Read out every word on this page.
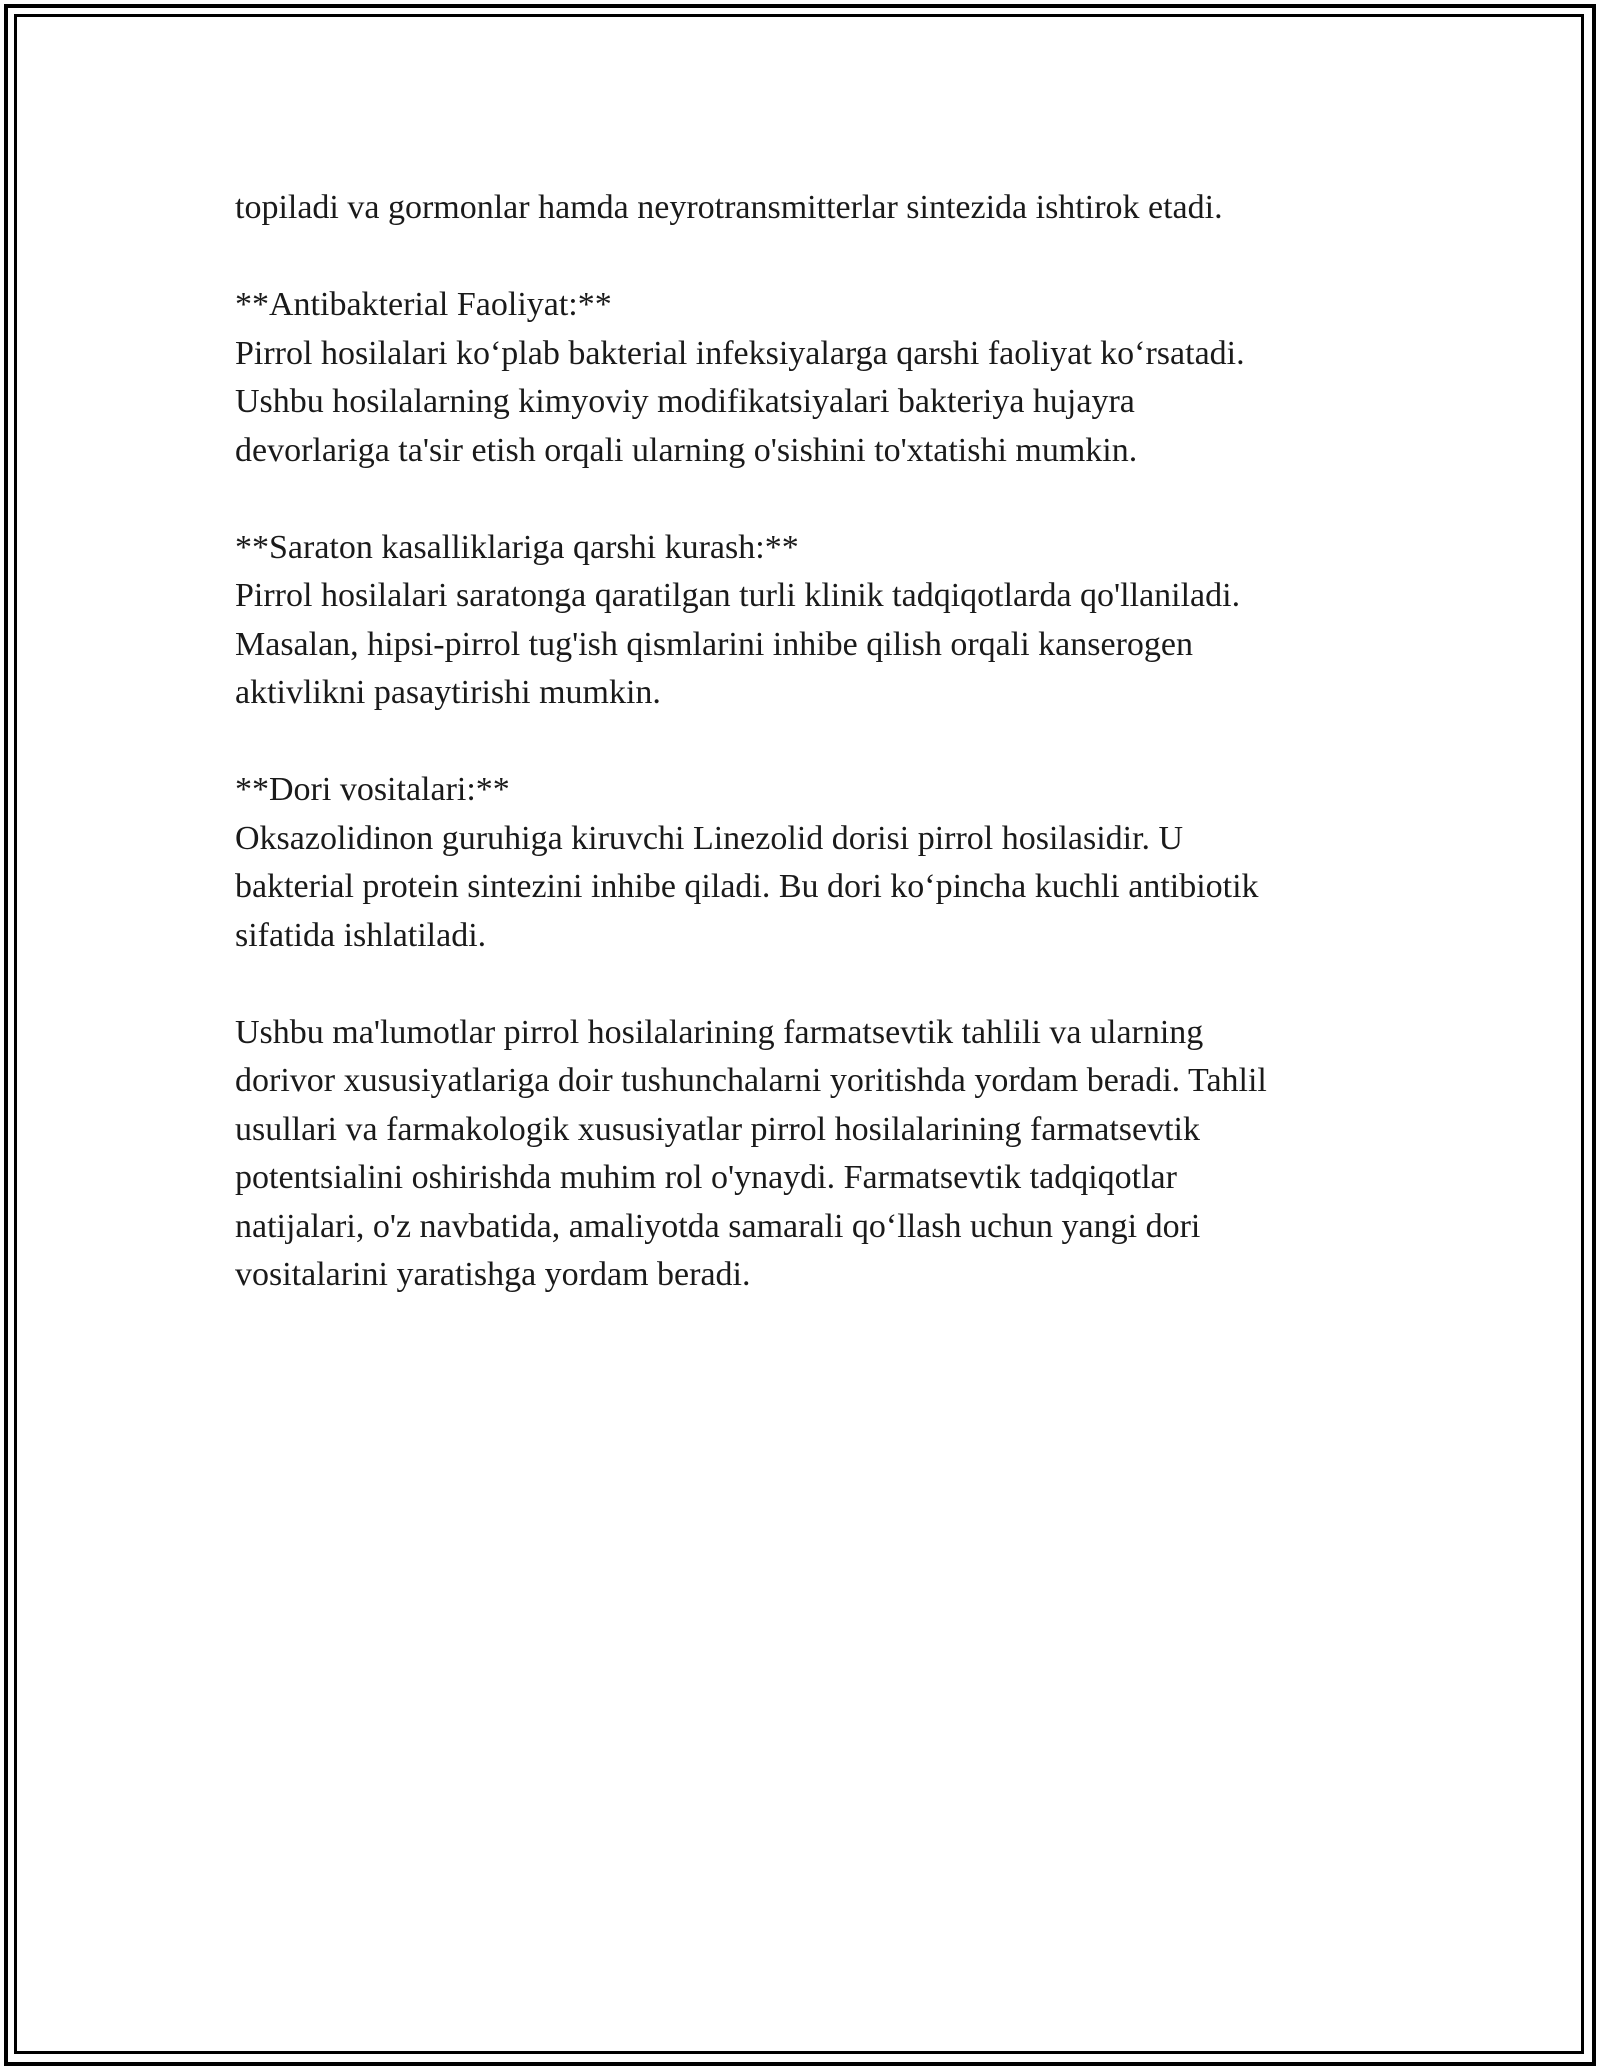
topiladi va gormonlar hamda neyrotransmitterlar sintezida ishtirok etadi.
**Antibakterial Faoliyat:**
Pirrol hosilalari ko‘plab bakterial infeksiyalarga qarshi faoliyat ko‘rsatadi.
Ushbu hosilalarning kimyoviy modifikatsiyalari bakteriya hujayra
devorlariga ta'sir etish orqali ularning o'sishini to'xtatishi mumkin.
**Saraton kasalliklariga qarshi kurash:**
Pirrol hosilalari saratonga qaratilgan turli klinik tadqiqotlarda qo'llaniladi.
Masalan, hipsi-pirrol tug'ish qismlarini inhibe qilish orqali kanserogen
aktivlikni pasaytirishi mumkin.
**Dori vositalari:**
Oksazolidinon guruhiga kiruvchi Linezolid dorisi pirrol hosilasidir. U
bakterial protein sintezini inhibe qiladi. Bu dori ko‘pincha kuchli antibiotik
sifatida ishlatiladi.
Ushbu ma'lumotlar pirrol hosilalarining farmatsevtik tahlili va ularning
dorivor xususiyatlariga doir tushunchalarni yoritishda yordam beradi. Tahlil
usullari va farmakologik xususiyatlar pirrol hosilalarining farmatsevtik
potentsialini oshirishda muhim rol o'ynaydi. Farmatsevtik tadqiqotlar
natijalari, o'z navbatida, amaliyotda samarali qo‘llash uchun yangi dori
vositalarini yaratishga yordam beradi.
